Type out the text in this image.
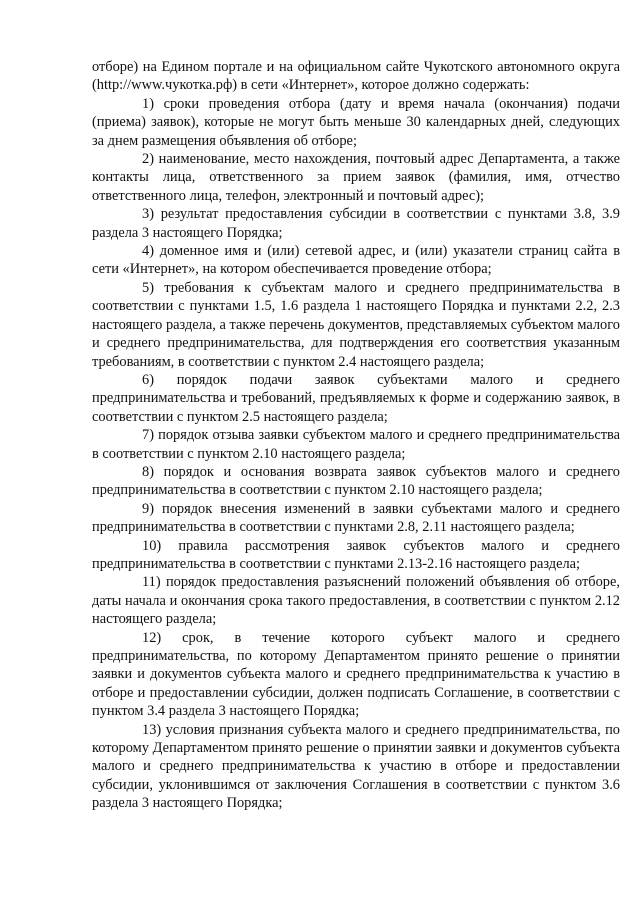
отборе) на Едином портале и на официальном сайте Чукотского автономного округа (http://www.чукотка.рф) в сети «Интернет», которое должно содержать:

1) сроки проведения отбора (дату и время начала (окончания) подачи (приема) заявок), которые не могут быть меньше 30 календарных дней, следующих за днем размещения объявления об отборе;

2) наименование, место нахождения, почтовый адрес Департамента, а также контакты лица, ответственного за прием заявок (фамилия, имя, отчество ответственного лица, телефон, электронный и почтовый адрес);

3) результат предоставления субсидии в соответствии с пунктами 3.8, 3.9 раздела 3 настоящего Порядка;

4) доменное имя и (или) сетевой адрес, и (или) указатели страниц сайта в сети «Интернет», на котором обеспечивается проведение отбора;

5) требования к субъектам малого и среднего предпринимательства в соответствии с пунктами 1.5, 1.6 раздела 1 настоящего Порядка и пунктами 2.2, 2.3 настоящего раздела, а также перечень документов, представляемых субъектом малого и среднего предпринимательства, для подтверждения его соответствия указанным требованиям, в соответствии с пунктом 2.4 настоящего раздела;

6) порядок подачи заявок субъектами малого и среднего предпринимательства и требований, предъявляемых к форме и содержанию заявок, в соответствии с пунктом 2.5 настоящего раздела;

7) порядок отзыва заявки субъектом малого и среднего предпринимательства в соответствии с пунктом 2.10 настоящего раздела;

8) порядок и основания возврата заявок субъектов малого и среднего предпринимательства в соответствии с пунктом 2.10 настоящего раздела;

9) порядок внесения изменений в заявки субъектами малого и среднего предпринимательства в соответствии с пунктами 2.8, 2.11 настоящего раздела;

10) правила рассмотрения заявок субъектов малого и среднего предпринимательства в соответствии с пунктами 2.13-2.16 настоящего раздела;

11) порядок предоставления разъяснений положений объявления об отборе, даты начала и окончания срока такого предоставления, в соответствии с пунктом 2.12 настоящего раздела;

12) срок, в течение которого субъект малого и среднего предпринимательства, по которому Департаментом принято решение о принятии заявки и документов субъекта малого и среднего предпринимательства к участию в отборе и предоставлении субсидии, должен подписать Соглашение, в соответствии с пунктом 3.4 раздела 3 настоящего Порядка;

13) условия признания субъекта малого и среднего предпринимательства, по которому Департаментом принято решение о принятии заявки и документов субъекта малого и среднего предпринимательства к участию в отборе и предоставлении субсидии, уклонившимся от заключения Соглашения в соответствии с пунктом 3.6 раздела 3 настоящего Порядка;
